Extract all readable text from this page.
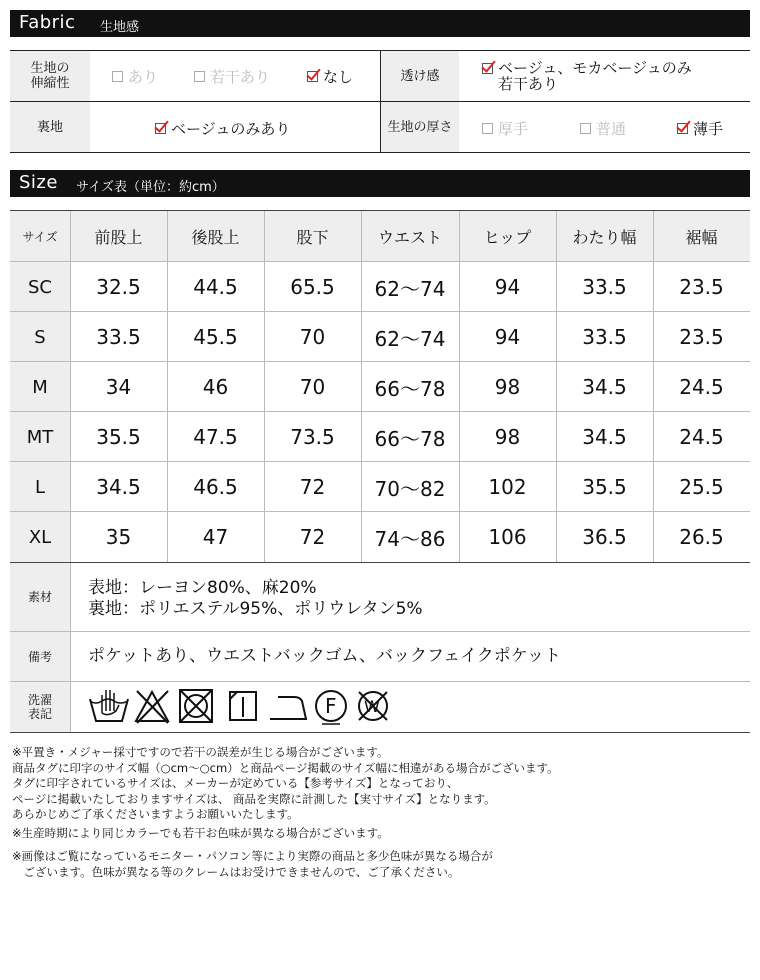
Fabric 生地感
生地の
伸縮性	あり	若干あり	なし	透け感	ベージュ、モカベージュのみ
若干あり
裏地	ベージュのみあり	生地の厚さ	厚手	普通	薄手
Size サイズ表（単位：約cm）
サイズ	前股上	後股上	股下	ウエスト	ヒップ	わたり幅	裾幅
SC	32.5	44.5	65.5	62〜74	94	33.5	23.5
S	33.5	45.5	70	62〜74	94	33.5	23.5
M	34	46	70	66〜78	98	34.5	24.5
MT	35.5	47.5	73.5	66〜78	98	34.5	24.5
L	34.5	46.5	72	70〜82	102	35.5	25.5
XL	35	47	72	74〜86	106	36.5	26.5
素材	表地：レーヨン80%、麻20%
裏地：ポリエステル95%、ポリウレタン5%
備考	ポケットあり、ウエストバックゴム、バックフェイクポケット
洗濯
表記	F W
※平置き・メジャー採寸ですので若干の誤差が生じる場合がございます。
商品タグに印字のサイズ幅（○cm〜○cm）と商品ページ掲載のサイズ幅に相違がある場合がございます。
タグに印字されているサイズは、メーカーが定めている【参考サイズ】となっており、
ページに掲載いたしておりますサイズは、 商品を実際に計測した【実寸サイズ】となります。
あらかじめご了承くださいますようお願いいたします。
※生産時期により同じカラーでも若干お色味が異なる場合がございます。
※画像はご覧になっているモニター・パソコン等により実際の商品と多少色味が異なる場合が
　ございます。色味が異なる等のクレームはお受けできませんので、ご了承ください。
